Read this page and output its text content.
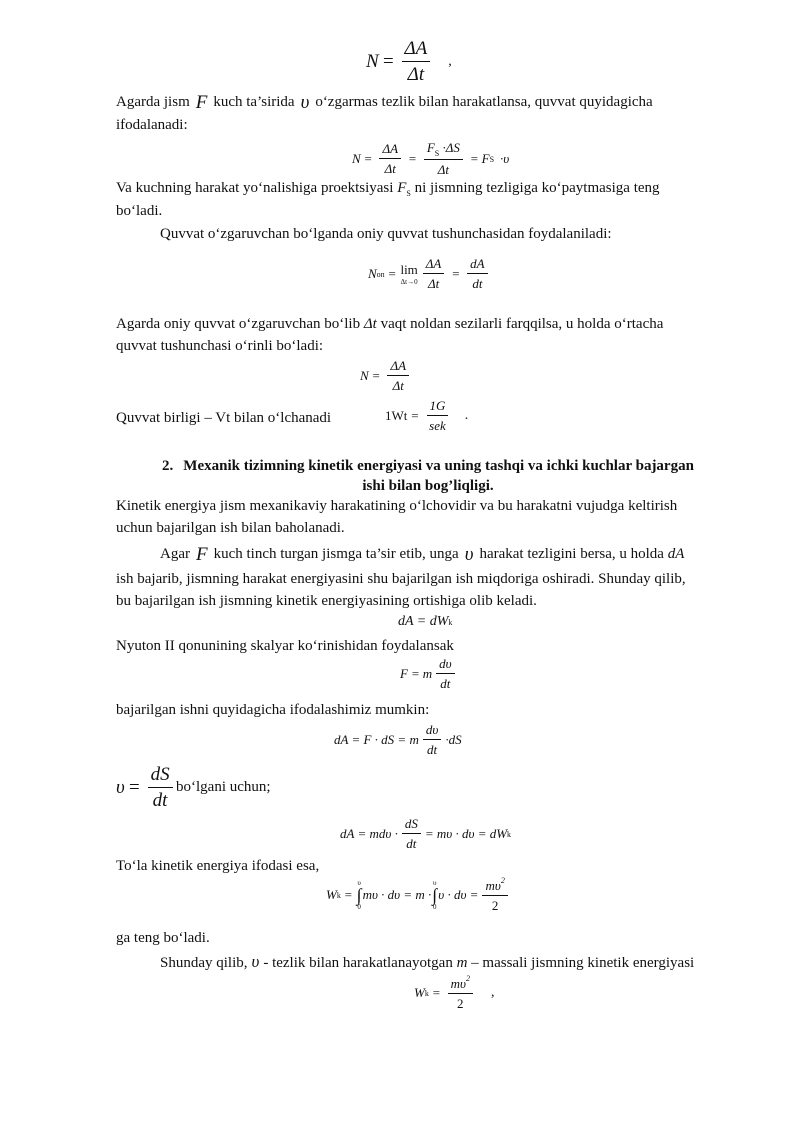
$N = \frac{\Delta A}{\Delta t}$ ,
Agarda jism F kuch ta’sirida υ o‘zgarmas tezlik bilan harakatlansa, quvvat quyidagicha
ifodalanadi:
$N = \frac{\Delta A}{\Delta t} = \frac{F_S \cdot\Delta S}{\Delta t} = F$ S ·υ
Va kuchning harakat yo‘nalishiga proektsiyasi $F_S$ ni jismning tezligiga ko‘paytmasiga teng
bo‘ladi.
Quvvat o‘zgaruvchan bo‘lganda oniy quvvat tushunchasidan foydalaniladi:
N on = lim
$\Delta t\to 0 \frac{\Delta A}{\Delta t} = \frac{dA}{dt}$
Agarda oniy quvvat o‘zgaruvchan bo‘lib Δt vaqt noldan sezilarli farqqilsa, u holda o‘rtacha
quvvat tushunchasi o‘rinli bo‘ladi:
$N = \frac{\Delta A}{\Delta t}$
Quvvat birligi – Vt bilan o‘lchanadi	$1Wt = \frac{1G}{\text{sek}}$ .
2. Mexanik tizimning kinetik energiyasi va uning tashqi va ichki kuchlar bajargan
ishi bilan bog’liqligi.
Kinetik energiya jism mexanikaviy harakatining o‘lchovidir va bu harakatni vujudga keltirish
uchun bajarilgan ish bilan baholanadi.
Agar F kuch tinch turgan jismga ta’sir etib, unga υ harakat tezligini bersa, u holda dA
ish bajarib, jismning harakat energiyasini shu bajarilgan ish miqdoriga oshiradi. Shunday qilib,
bu bajarilgan ish jismning kinetik energiyasining ortishiga olib keladi.
dA = dW k
Nyuton II qonunining skalyar ko‘rinishidan foydalansak
F = m $\frac{d\upsilon}{dt}$
bajarilgan ishni quyidagicha ifodalashimiz mumkin:
dA = F · dS = m $\frac{d\upsilon}{dt} \cdot dS$
$\upsilon = \frac{dS}{dt}$ bo‘lgani uchun;
dA = $md\upsilon \cdot \frac{dS}{dt} = m\upsilon \cdot d\upsilon$ = dW k
To‘la kinetik energiya ifodasi esa,
W k =
υ
∫
0
mυ · dυ = m ·
υ
∫
0
$\upsilon \cdot d\upsilon = \frac{m\upsilon^2}{2}$
ga teng bo‘ladi.
Shunday qilib, υ - tezlik bilan harakatlanayotgan m – massali jismning kinetik energiyasi
W $k = \frac{m\upsilon^2}{2}$ ,
